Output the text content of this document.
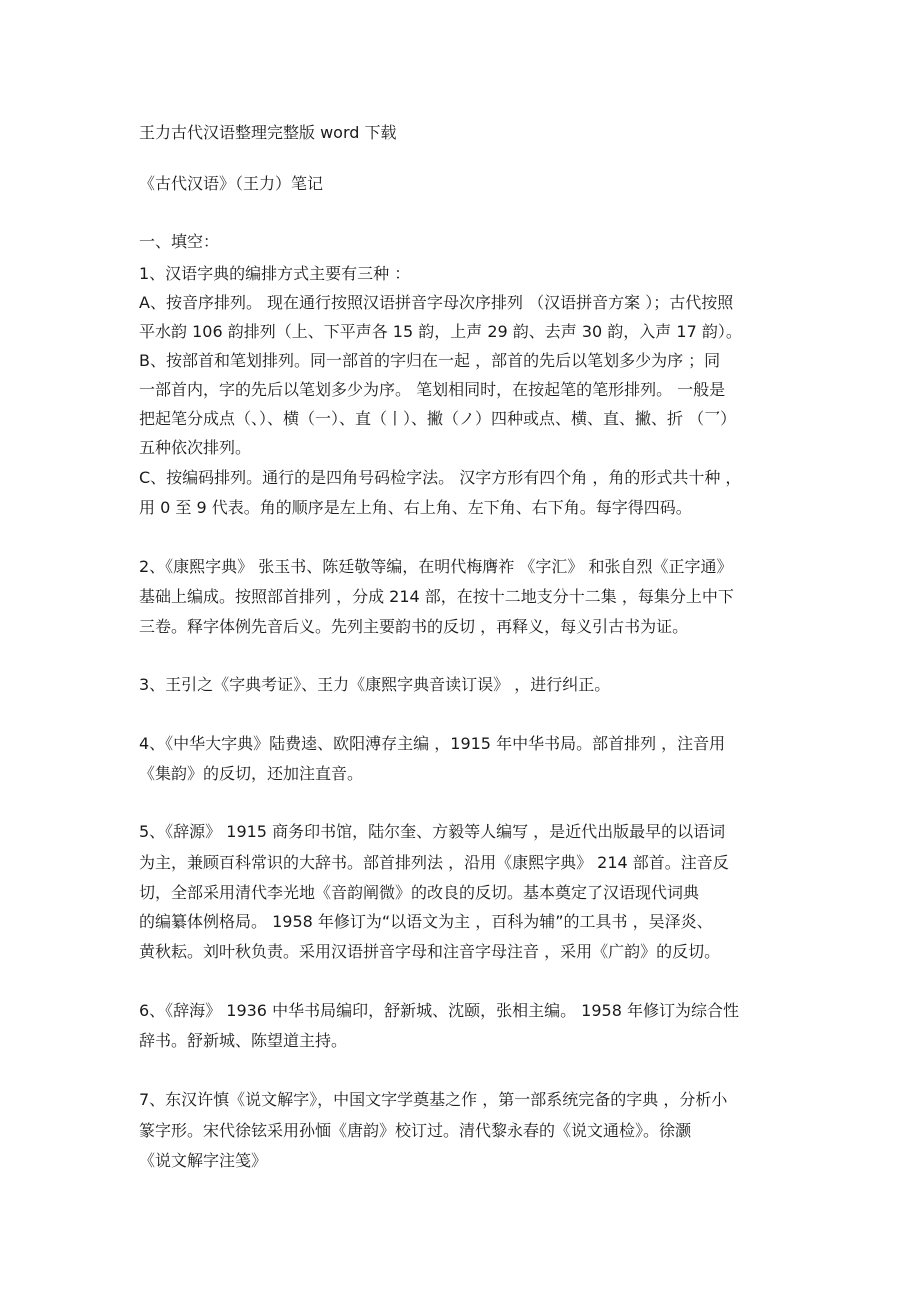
王力古代汉语整理完整版 word 下载
《古代汉语》（王力）笔记
一、填空：
1、汉语字典的编排方式主要有三种 ：
A、按音序排列。 现在通行按照汉语拼音字母次序排列 （汉语拼音方案 ）；古代按照
平水韵 106 韵排列（上、下平声各 15 韵，上声 29 韵、去声 30 韵，入声 17 韵）。
B、按部首和笔划排列。同一部首的字归在一起 ，部首的先后以笔划多少为序 ；同
一部首内，字的先后以笔划多少为序。 笔划相同时，在按起笔的笔形排列。 一般是
把起笔分成点（、）、横（一）、直（丨）、撇（ノ）四种或点、横、直、撇、折 （乛）
五种依次排列。
C、按编码排列。通行的是四角号码检字法。 汉字方形有四个角 ，角的形式共十种 ，
用 0 至 9 代表。角的顺序是左上角、右上角、左下角、右下角。每字得四码。
2、《康熙字典》 张玉书、陈廷敬等编，在明代梅膺祚 《字汇》 和张自烈《正字通》
基础上编成。按照部首排列 ，分成 214 部，在按十二地支分十二集 ，每集分上中下
三卷。释字体例先音后义。先列主要韵书的反切 ，再释义，每义引古书为证。
3、王引之《字典考证》、王力《康熙字典音读订误》 ，进行纠正。
4、《中华大字典》陆费逵、欧阳溥存主编 ，1915 年中华书局。部首排列 ，注音用
《集韵》的反切，还加注直音。
5、《辞源》 1915 商务印书馆，陆尔奎、方毅等人编写 ，是近代出版最早的以语词
为主，兼顾百科常识的大辞书。部首排列法 ，沿用《康熙字典》 214 部首。注音反
切，全部采用清代李光地《音韵阐微》的改良的反切。基本奠定了汉语现代词典
的编纂体例格局。 1958 年修订为“以语文为主 ，百科为辅”的工具书 ，吴泽炎、
黄秋耘。刘叶秋负责。采用汉语拼音字母和注音字母注音 ，采用《广韵》的反切。
6、《辞海》 1936 中华书局编印，舒新城、沈颐，张相主编。 1958 年修订为综合性
辞书。舒新城、陈望道主持。
7、东汉许慎《说文解字》，中国文字学奠基之作 ，第一部系统完备的字典 ，分析小
篆字形。宋代徐铉采用孙愐《唐韵》校订过。清代黎永春的《说文通检》。徐灏
《说文解字注笺》
